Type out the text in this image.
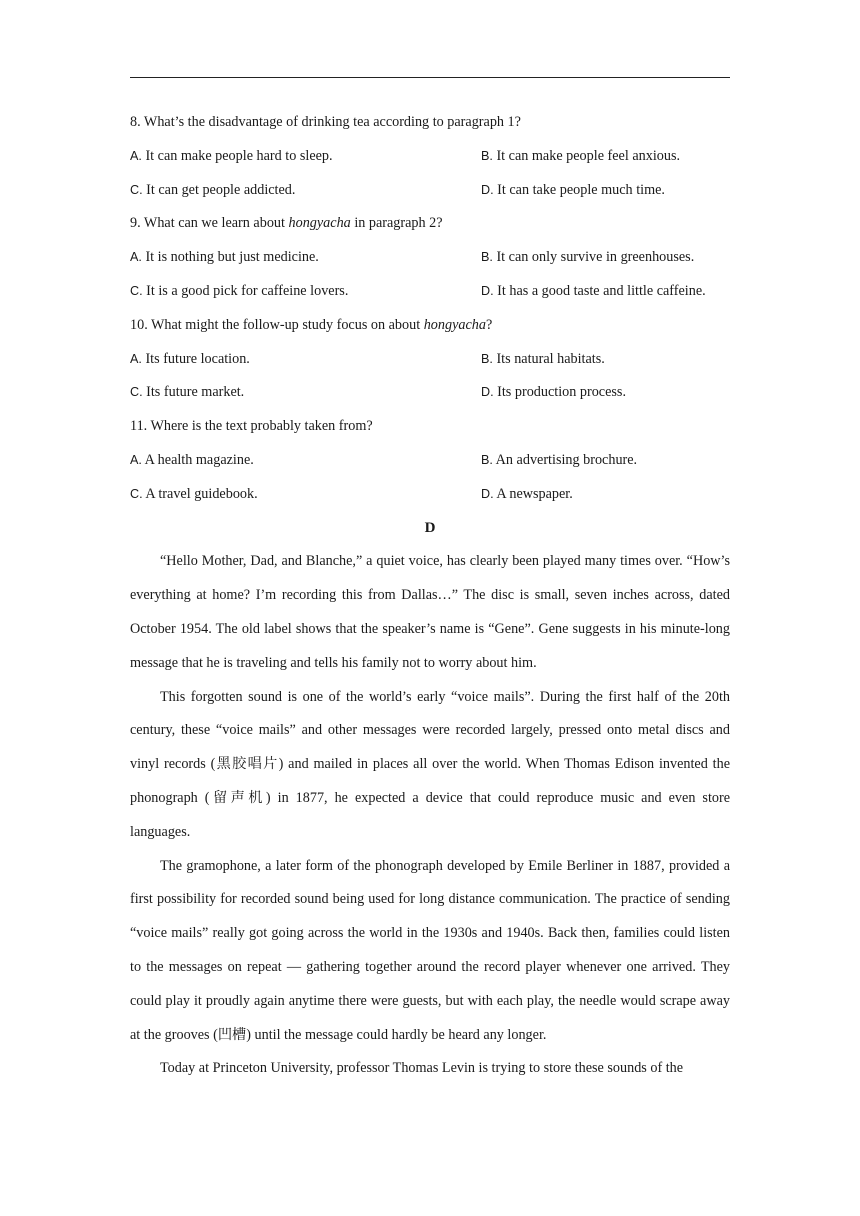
8. What’s the disadvantage of drinking tea according to paragraph 1?
A. It can make people hard to sleep.	B. It can make people feel anxious.
C. It can get people addicted.	D. It can take people much time.
9. What can we learn about hongyacha in paragraph 2?
A. It is nothing but just medicine.	B. It can only survive in greenhouses.
C. It is a good pick for caffeine lovers.	D. It has a good taste and little caffeine.
10. What might the follow-up study focus on about hongyacha?
A. Its future location.	B. Its natural habitats.
C. Its future market.	D. Its production process.
11. Where is the text probably taken from?
A. A health magazine.	B. An advertising brochure.
C. A travel guidebook.	D. A newspaper.
D

“Hello Mother, Dad, and Blanche,” a quiet voice, has clearly been played many times over. “How’s everything at home? I’m recording this from Dallas…” The disc is small, seven inches across, dated October 1954. The old label shows that the speaker’s name is “Gene”. Gene suggests in his minute-long message that he is traveling and tells his family not to worry about him.

This forgotten sound is one of the world’s early “voice mails”. During the first half of the 20th century, these “voice mails” and other messages were recorded largely, pressed onto metal discs and vinyl records (黑胶唱片) and mailed in places all over the world. When Thomas Edison invented the phonograph (留声机) in 1877, he expected a device that could reproduce music and even store languages.

The gramophone, a later form of the phonograph developed by Emile Berliner in 1887, provided a first possibility for recorded sound being used for long distance communication. The practice of sending “voice mails” really got going across the world in the 1930s and 1940s. Back then, families could listen to the messages on repeat — gathering together around the record player whenever one arrived. They could play it proudly again anytime there were guests, but with each play, the needle would scrape away at the grooves (凹槽) until the message could hardly be heard any longer.

Today at Princeton University, professor Thomas Levin is trying to store these sounds of the
